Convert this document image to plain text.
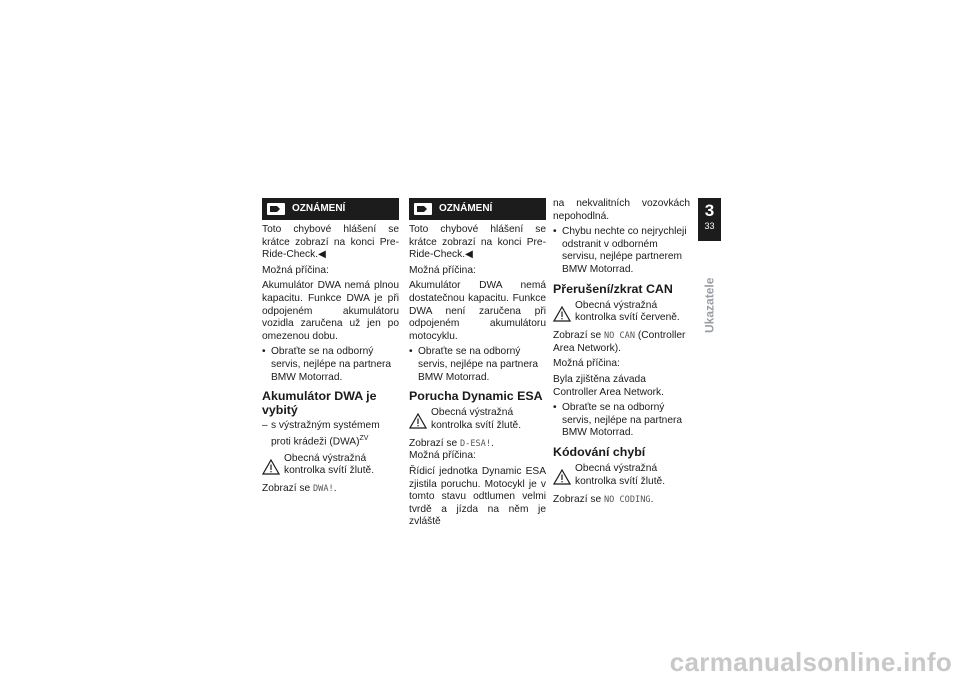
OZNÁMENÍ

Toto chybové hlášení se krátce zobrazí na konci Pre-Ride-Check.◀

Možná příčina:

Akumulátor DWA nemá plnou kapacitu. Funkce DWA je při odpojeném akumulátoru vozidla zaručena už jen po omezenou dobu.

• Obraťte se na odborný servis, nejlépe na partnera BMW Motorrad.
Akumulátor DWA je vybitý
– s výstražným systémem proti krádeži (DWA)$^{ZV}$
Obecná výstražná kontrolka svítí žlutě.

Zobrazí se DWA!.

OZNÁMENÍ

Toto chybové hlášení se krátce zobrazí na konci Pre-Ride-Check.◀

Možná příčina:

Akumulátor DWA nemá dostatečnou kapacitu. Funkce DWA není zaručena při odpojeném akumulátoru motocyklu.

• Obraťte se na odborný servis, nejlépe na partnera BMW Motorrad.
Porucha Dynamic ESA
Obecná výstražná kontrolka svítí žlutě.

Zobrazí se D-ESA!.

Možná příčina:

Řídicí jednotka Dynamic ESA zjistila poruchu. Motocykl je v tomto stavu odtlumen velmi tvrdě a jízda na něm je zvláště

na nekvalitních vozovkách nepohodlná.

• Chybu nechte co nejrychleji odstranit v odborném servisu, nejlépe partnerem BMW Motorrad.
Přerušení/zkrat CAN
Obecná výstražná kontrolka svítí červeně.

Zobrazí se NO CAN (Controller Area Network).

Možná příčina:

Byla zjištěna závada Controller Area Network.

• Obraťte se na odborný servis, nejlépe na partnera BMW Motorrad.
Kódování chybí
Obecná výstražná kontrolka svítí žlutě.

Zobrazí se NO CODING.

3
33
Ukazatele
carmanualsonline.info
